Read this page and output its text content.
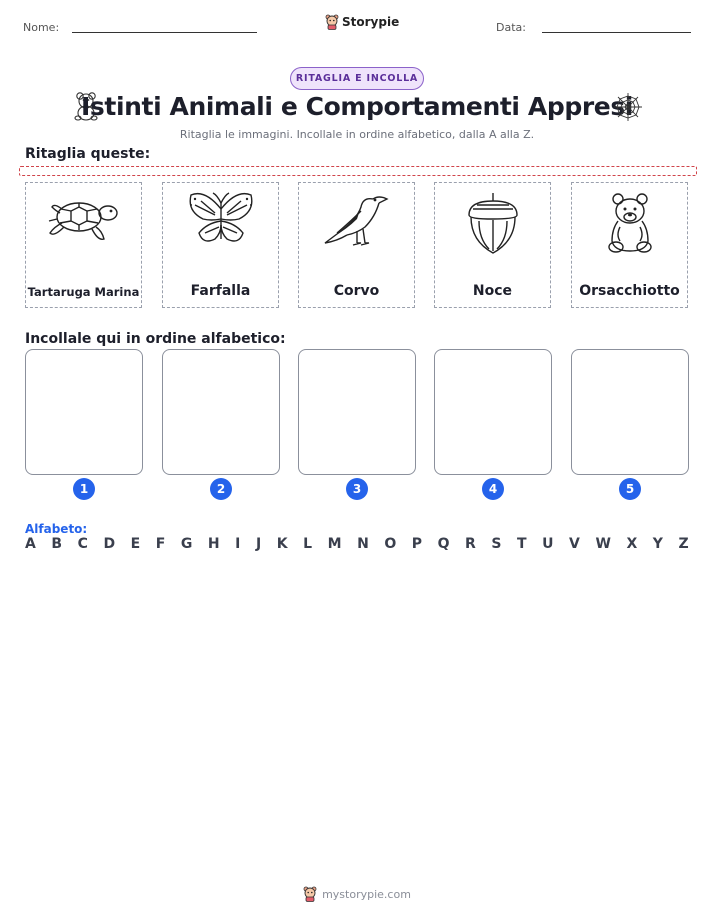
Nome:	Storypie	Data:
RITAGLIA E INCOLLA
Istinti Animali e Comportamenti Appresi
Ritaglia le immagini. Incollale in ordine alfabetico, dalla A alla Z.
Ritaglia queste:
Tartaruga Marina	Farfalla	Corvo	Noce	Orsacchiotto
Incollale qui in ordine alfabetico:
1	2	3	4	5
Alfabeto:
A B C D E F G H I J K L M N O P Q R S T U V W X Y Z
mystorypie.com
